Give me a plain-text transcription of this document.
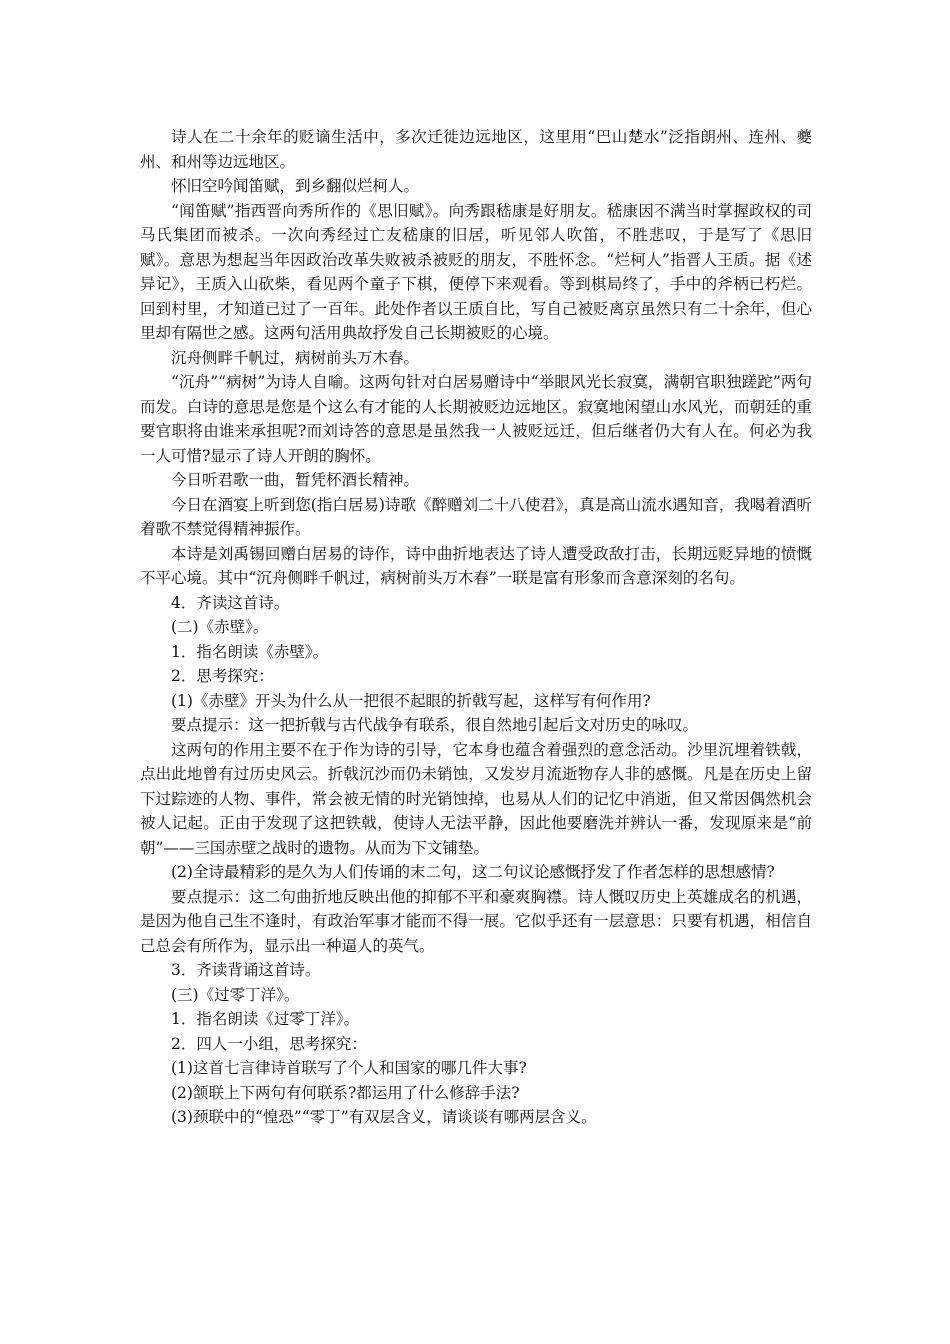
诗人在二十余年的贬谪生活中，多次迁徙边远地区，这里用“巴山楚水”泛指朗州、连州、夔州、和州等边远地区。

怀旧空吟闻笛赋，到乡翻似烂柯人。

“闻笛赋”指西晋向秀所作的《思旧赋》。向秀跟嵇康是好朋友。嵇康因不满当时掌握政权的司马氏集团而被杀。一次向秀经过亡友嵇康的旧居，听见邻人吹笛，不胜悲叹，于是写了《思旧赋》。意思为想起当年因政治改革失败被杀被贬的朋友，不胜怀念。“烂柯人”指晋人王质。据《述异记》，王质入山砍柴，看见两个童子下棋，便停下来观看。等到棋局终了，手中的斧柄已朽烂。回到村里，才知道已过了一百年。此处作者以王质自比，写自己被贬离京虽然只有二十余年，但心里却有隔世之感。这两句活用典故抒发自己长期被贬的心境。

沉舟侧畔千帆过，病树前头万木春。

“沉舟”“病树”为诗人自喻。这两句针对白居易赠诗中“举眼风光长寂寞，满朝官职独蹉跎”两句而发。白诗的意思是您是个这么有才能的人长期被贬边远地区。寂寞地闲望山水风光，而朝廷的重要官职将由谁来承担呢?而刘诗答的意思是虽然我一人被贬远迁，但后继者仍大有人在。何必为我一人可惜?显示了诗人开朗的胸怀。

今日听君歌一曲，暂凭杯酒长精神。

今日在酒宴上听到您(指白居易)诗歌《醉赠刘二十八使君》，真是高山流水遇知音，我喝着酒听着歌不禁觉得精神振作。

本诗是刘禹锡回赠白居易的诗作，诗中曲折地表达了诗人遭受政敌打击，长期远贬异地的愤慨不平心境。其中“沉舟侧畔千帆过，病树前头万木春”一联是富有形象而含意深刻的名句。

4．齐读这首诗。

(二)《赤壁》。

1．指名朗读《赤壁》。

2．思考探究：

(1)《赤壁》开头为什么从一把很不起眼的折戟写起，这样写有何作用?

要点提示：这一把折戟与古代战争有联系，很自然地引起后文对历史的咏叹。

这两句的作用主要不在于作为诗的引导，它本身也蕴含着强烈的意念活动。沙里沉埋着铁戟，点出此地曾有过历史风云。折戟沉沙而仍未销蚀，又发岁月流逝物存人非的感慨。凡是在历史上留下过踪迹的人物、事件，常会被无情的时光销蚀掉，也易从人们的记忆中消逝，但又常因偶然机会被人记起。正由于发现了这把铁戟，使诗人无法平静，因此他要磨洗并辨认一番，发现原来是“前朝”——三国赤壁之战时的遗物。从而为下文铺垫。

(2)全诗最精彩的是久为人们传诵的末二句，这二句议论感慨抒发了作者怎样的思想感情?

要点提示：这二句曲折地反映出他的抑郁不平和豪爽胸襟。诗人慨叹历史上英雄成名的机遇，是因为他自己生不逢时，有政治军事才能而不得一展。它似乎还有一层意思：只要有机遇，相信自己总会有所作为，显示出一种逼人的英气。

3．齐读背诵这首诗。

(三)《过零丁洋》。

1．指名朗读《过零丁洋》。

2．四人一小组，思考探究：

(1)这首七言律诗首联写了个人和国家的哪几件大事?

(2)颔联上下两句有何联系?都运用了什么修辞手法?

(3)颈联中的“惶恐”“零丁”有双层含义，请谈谈有哪两层含义。
